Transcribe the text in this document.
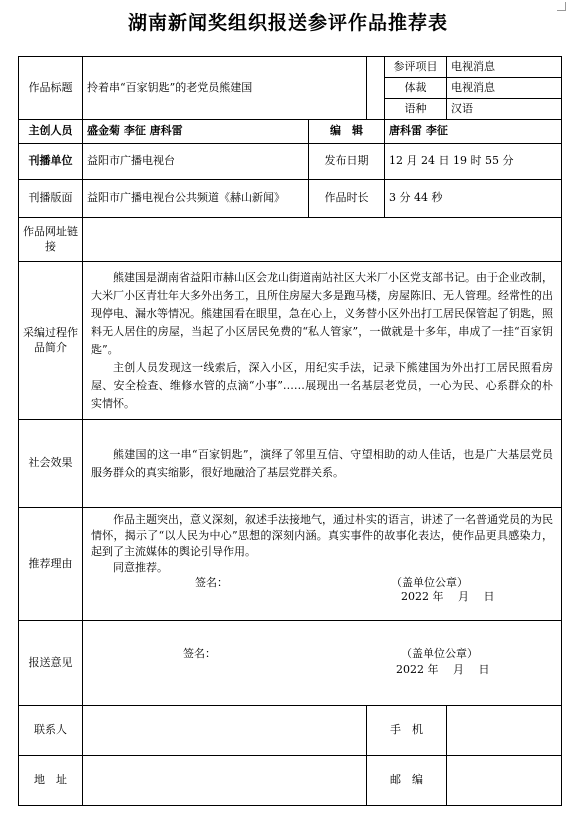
湖南新闻奖组织报送参评作品推荐表
作品标题	拎着串“百家钥匙”的老党员熊建国			参评项目	电视消息
				体裁	电视消息
				语种	汉语
主创人员	盛金菊 李征 唐科雷	编　辑		唐科雷 李征	
刊播单位	益阳市广播电视台	发布日期		12 月 24 日 19 时 55 分	
刊播版面	益阳市广播电视台公共频道《赫山新闻》	作品时长		3 分 44 秒	
作品网址链接					
采编过程作品简介	熊建国是湖南省益阳市赫山区会龙山街道南站社区大米厂小区党支部书记。由于企业改制，大米厂小区青壮年大多外出务工，且所住房屋大多是跑马楼，房屋陈旧、无人管理。经常性的出现停电、漏水等情况。熊建国看在眼里，急在心上，义务替小区外出打工居民保管起了钥匙，照料无人居住的房屋，当起了小区居民免费的“私人管家”，一做就是十多年，串成了一挂“百家钥匙”。

主创人员发现这一线索后，深入小区，用纪实手法，记录下熊建国为外出打工居民照看房屋、安全检查、维修水管的点滴“小事”……展现出一名基层老党员，一心为民、心系群众的朴实情怀。				

社会效果	熊建国的这一串“百家钥匙”，演绎了邻里互信、守望相助的动人佳话，也是广大基层党员服务群众的真实缩影，很好地融洽了基层党群关系。				

推荐理由	作品主题突出，意义深刻，叙述手法接地气，通过朴实的语言，讲述了一名普通党员的为民情怀，揭示了“以人民为中心”思想的深刻内涵。真实事件的故事化表达，使作品更具感染力，起到了主流媒体的舆论引导作用。

同意推荐。

签名： （盖单位公章）
2022 年　 月　 日				

报送意见	签名： （盖单位公章）
2022 年　 月　 日				

联系人			手　机		
地　址			邮　编		
